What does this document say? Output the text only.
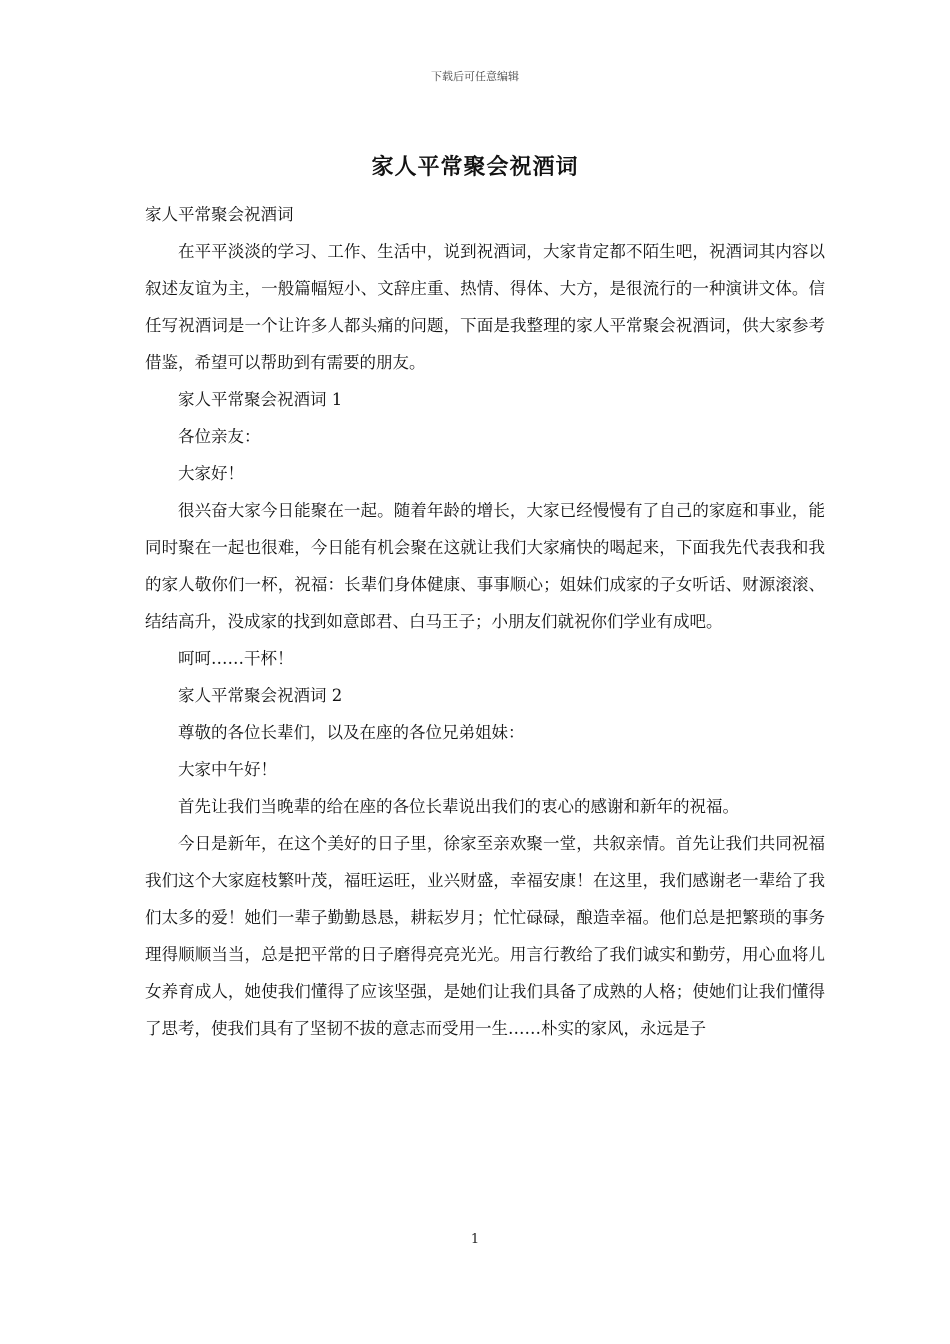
下载后可任意编辑
家人平常聚会祝酒词

家人平常聚会祝酒词

在平平淡淡的学习、工作、生活中，说到祝酒词，大家肯定都不陌生吧，祝酒词其内容以叙述友谊为主，一般篇幅短小、文辞庄重、热情、得体、大方，是很流行的一种演讲文体。信任写祝酒词是一个让许多人都头痛的问题，下面是我整理的家人平常聚会祝酒词，供大家参考借鉴，希望可以帮助到有需要的朋友。

家人平常聚会祝酒词 1

各位亲友：

大家好！

很兴奋大家今日能聚在一起。随着年龄的增长，大家已经慢慢有了自己的家庭和事业，能同时聚在一起也很难，今日能有机会聚在这就让我们大家痛快的喝起来，下面我先代表我和我的家人敬你们一杯，祝福：长辈们身体健康、事事顺心；姐妹们成家的子女听话、财源滚滚、结结高升，没成家的找到如意郎君、白马王子；小朋友们就祝你们学业有成吧。

呵呵……干杯！

家人平常聚会祝酒词 2

尊敬的各位长辈们，以及在座的各位兄弟姐妹：

大家中午好！

首先让我们当晚辈的给在座的各位长辈说出我们的衷心的感谢和新年的祝福。

今日是新年，在这个美好的日子里，徐家至亲欢聚一堂，共叙亲情。首先让我们共同祝福我们这个大家庭枝繁叶茂，福旺运旺，业兴财盛，幸福安康！在这里，我们感谢老一辈给了我们太多的爱！她们一辈子勤勤恳恳，耕耘岁月；忙忙碌碌，酿造幸福。他们总是把繁琐的事务理得顺顺当当，总是把平常的日子磨得亮亮光光。用言行教给了我们诚实和勤劳，用心血将儿女养育成人，她使我们懂得了应该坚强，是她们让我们具备了成熟的人格；使她们让我们懂得了思考，使我们具有了坚韧不拔的意志而受用一生……朴实的家风，永远是子

1
